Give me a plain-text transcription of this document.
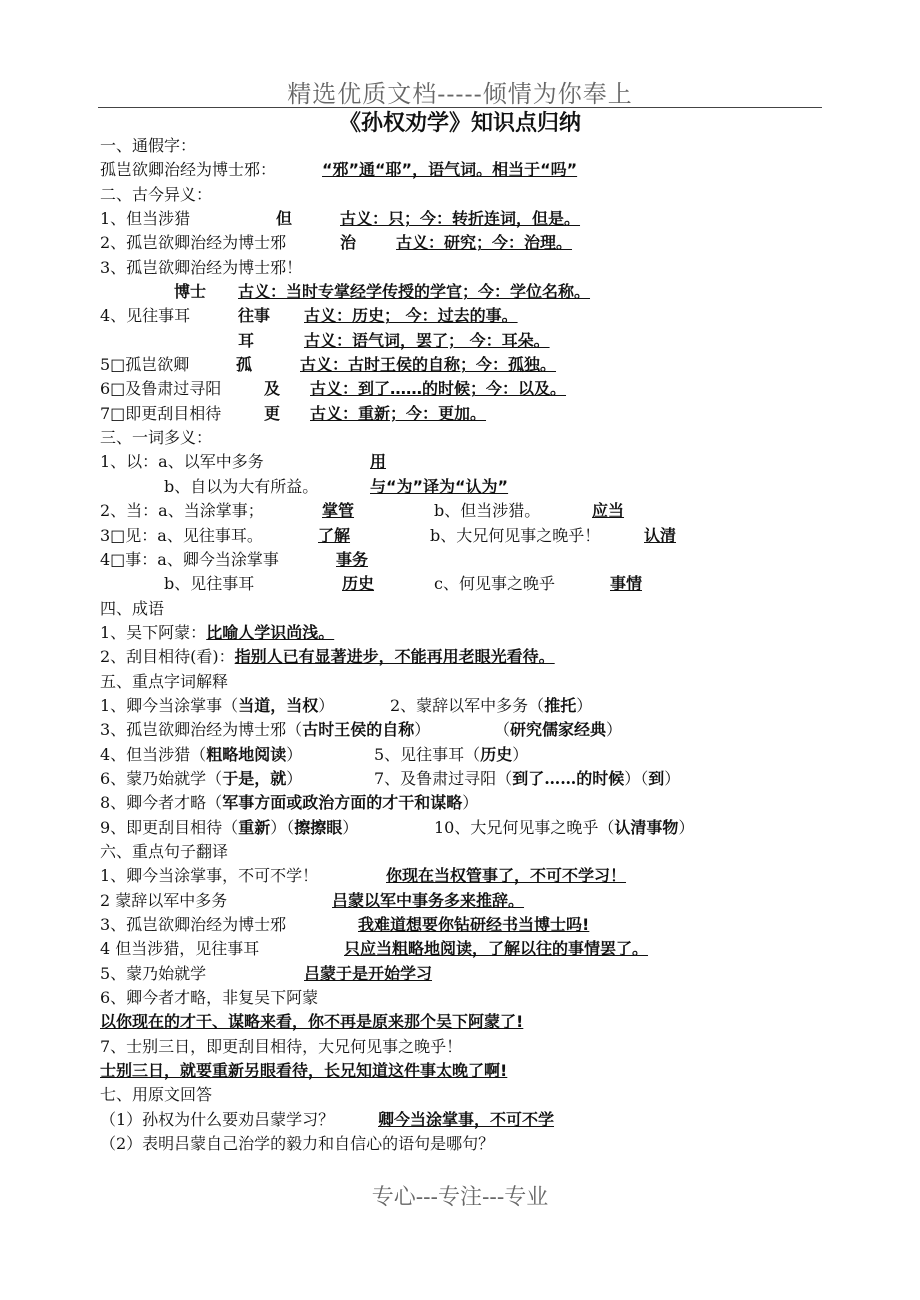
精选优质文档-----倾情为你奉上
《孙权劝学》知识点归纳
一、通假字：
孤岂欲卿治经为博士邪：	“邪”通“耶”，语气词。相当于“吗”
二、古今异义：
1、但当涉猎	但	古义：只；今：转折连词，但是。
2、孤岂欲卿治经为博士邪	治 古义：研究；今：治理。
3、孤岂欲卿治经为博士邪！
博士 古义：当时专掌经学传授的学官；今：学位名称。
4、见往事耳	往事 古义：历史； 今：过去的事。
耳	古义：语气词，罢了； 今：耳朵。
5□孤岂欲卿	孤	古义：古时王侯的自称；今：孤独。
6□及鲁肃过寻阳	及 古义：到了……的时候；今：以及。
7□即更刮目相待	更 古义：重新；今：更加。
三、一词多义：
1、以：a、以军中多务	用
b、自以为大有所益。	与“为”译为“认为”
2、当：a、当涂掌事；	掌管	b、但当涉猎。	应当
3□见：a、见往事耳。	了解	b、大兄何见事之晚乎！	认清
4□事：a、卿今当涂掌事	事务
b、见往事耳	历史	c、何见事之晚乎	事情
四、成语
1、吴下阿蒙： 比喻人学识尚浅。
2、刮目相待(看)： 指别人已有显著进步，不能再用老眼光看待。
五、重点字词解释
1、卿今当涂掌事（ 当道，当权 ）	2、蒙辞以军中多务（ 推托 ）
3、孤岂欲卿治经为博士邪（ 古时王侯的自称 ）	（ 研究儒家经典 ）
4、但当涉猎（ 粗略地阅读 ）	5、见往事耳（ 历史 ）
6、蒙乃始就学（ 于是，就 ）	7、及鲁肃过寻阳（ 到了……的时候 ）（ 到 ）
8、卿今者才略（ 军事方面或政治方面的才干和谋略 ）
9、即更刮目相待（ 重新 ）（ 擦擦眼 ）	10、大兄何见事之晚乎（ 认清事物 ）
六、重点句子翻译
1、卿今当涂掌事，不可不学！	你现在当权管事了，不可不学习！
2 蒙辞以军中多务	吕蒙以军中事务多来推辞。
3、孤岂欲卿治经为博士邪	我难道想要你钻研经书当博士吗!
4 但当涉猎，见往事耳	只应当粗略地阅读，了解以往的事情罢了。
5、蒙乃始就学	吕蒙于是开始学习
6、卿今者才略，非复吴下阿蒙
以你现在的才干、谋略来看，你不再是原来那个吴下阿蒙了!
7、士别三日，即更刮目相待，大兄何见事之晚乎！
士别三日，就要重新另眼看待，长兄知道这件事太晚了啊!
七、用原文回答
（1）孙权为什么要劝吕蒙学习？	卿今当涂掌事，不可不学
（2）表明吕蒙自己治学的毅力和自信心的语句是哪句？
专心---专注---专业
